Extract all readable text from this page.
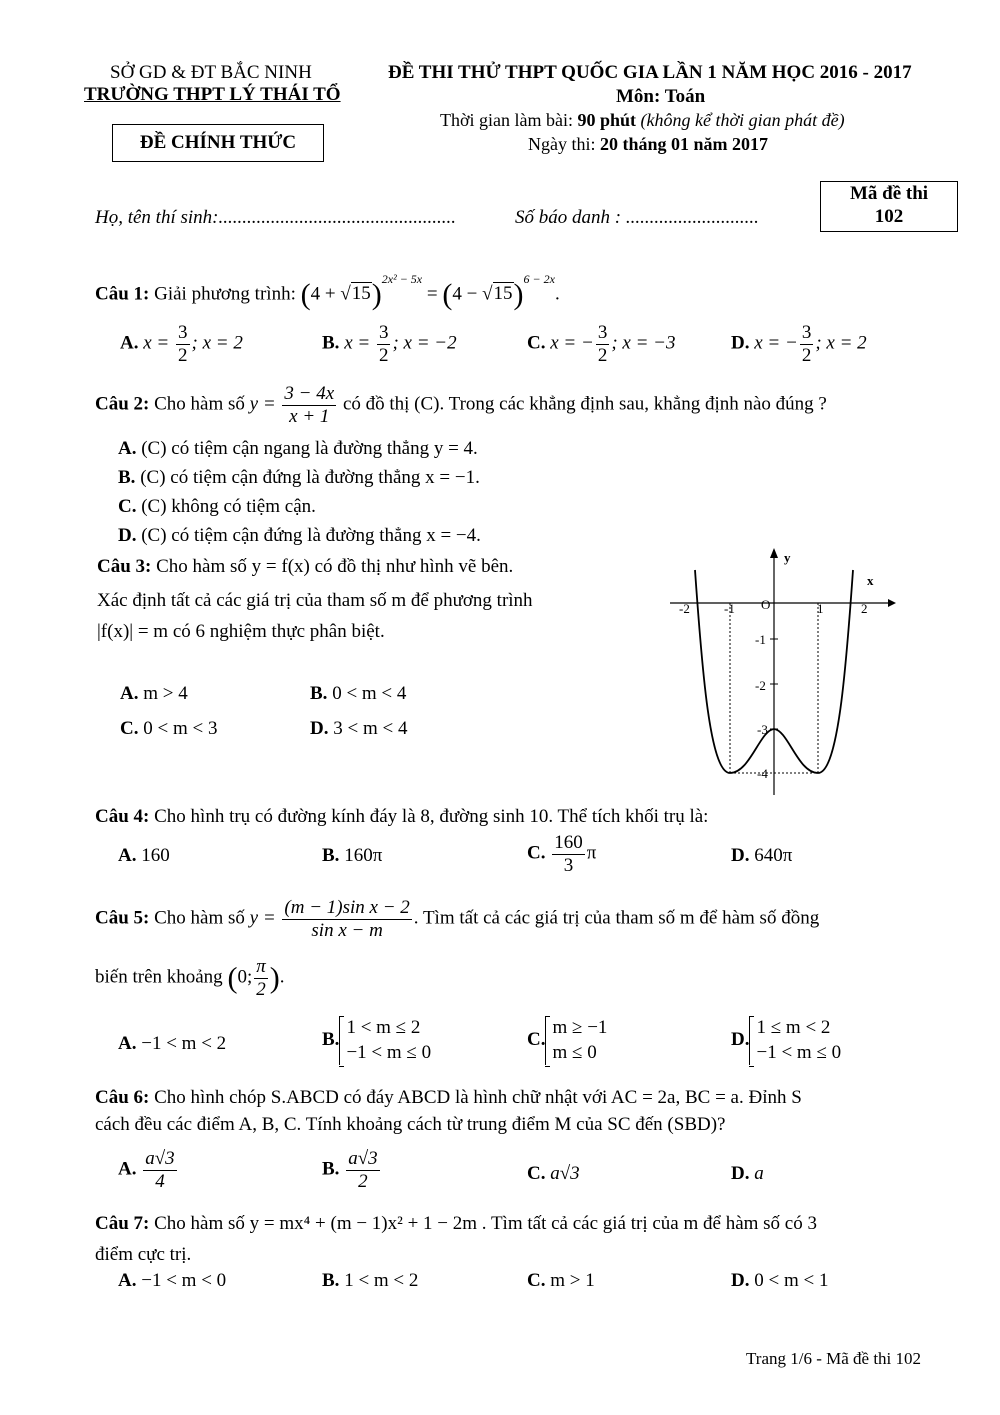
SỞ GD & ĐT BẮC NINH
TRƯỜNG THPT LÝ THÁI TỔ
ĐỀ CHÍNH THỨC
ĐỀ THI THỬ THPT QUỐC GIA LẦN 1 NĂM HỌC 2016 - 2017
Môn: Toán
Thời gian làm bài: 90 phút (không kể thời gian phát đề)
Ngày thi: 20 tháng 01 năm 2017
Mã đề thi
102
Họ, tên thí sinh:..................................................	Số báo danh : ............................
Câu 1: Giải phương trình: $(4 + √15)^{2x^2 - 5x} = (4 - √15)^{6 - 2x}$.
A. $x = \frac{3}{2}$ ; x = 2	B. $x = \frac{3}{2}$ ; x = −2	C. x = − $\frac{3}{2}$ ; x = −3	D. x = − $\frac{3}{2}$ ; x = 2
Câu 2: Cho hàm số $y = \frac{3 - 4x}{x + 1}$ có đồ thị (C). Trong các khẳng định sau, khẳng định nào đúng ?
A. (C) có tiệm cận ngang là đường thẳng y = 4.
B. (C) có tiệm cận đứng là đường thẳng x = −1.
C. (C) không có tiệm cận.
D. (C) có tiệm cận đứng là đường thẳng x = −4.
Câu 3: Cho hàm số y = f(x) có đồ thị như hình vẽ bên.
Xác định tất cả các giá trị của tham số m để phương trình
|f(x)| = m có 6 nghiệm thực phân biệt.
A. m > 4	B. 0 < m < 4
C. 0 < m < 3	D. 3 < m < 4
y
x
O
-2	-1	1	2
-1
-2
-3
-4
Câu 4: Cho hình trụ có đường kính đáy là 8, đường sinh 10. Thể tích khối trụ là:
A. 160	B. 160π	C. $\frac{160}{3}$ π	D. 640π
Câu 5: Cho hàm số $y = \frac{\text{(m − 1)sin x − 2}}{\text{sin x − m}}$ . Tìm tất cả các giá trị của tham số m để hàm số đồng
biến trên khoảng (0; $\frac{\pi}{2}$ ).
A. −1 < m < 2	B.
1 < m ≤ 2
−1 < m ≤ 0
C.
m ≥ −1
m ≤ 0
D.
1 ≤ m < 2
−1 < m ≤ 0
Câu 6: Cho hình chóp S.ABCD có đáy ABCD là hình chữ nhật với AC = 2a, BC = a. Đỉnh S
cách đều các điểm A, B, C. Tính khoảng cách từ trung điểm M của SC đến (SBD)?
A. $\frac{a√3}{4}$	B. $\frac{a√3}{2}$	C. a√3	D. a
Câu 7: Cho hàm số y = mx⁴ + (m − 1)x² + 1 − 2m . Tìm tất cả các giá trị của m để hàm số có 3
điểm cực trị.
A. −1 < m < 0	B. 1 < m < 2	C. m > 1	D. 0 < m < 1
Trang 1/6 - Mã đề thi 102
